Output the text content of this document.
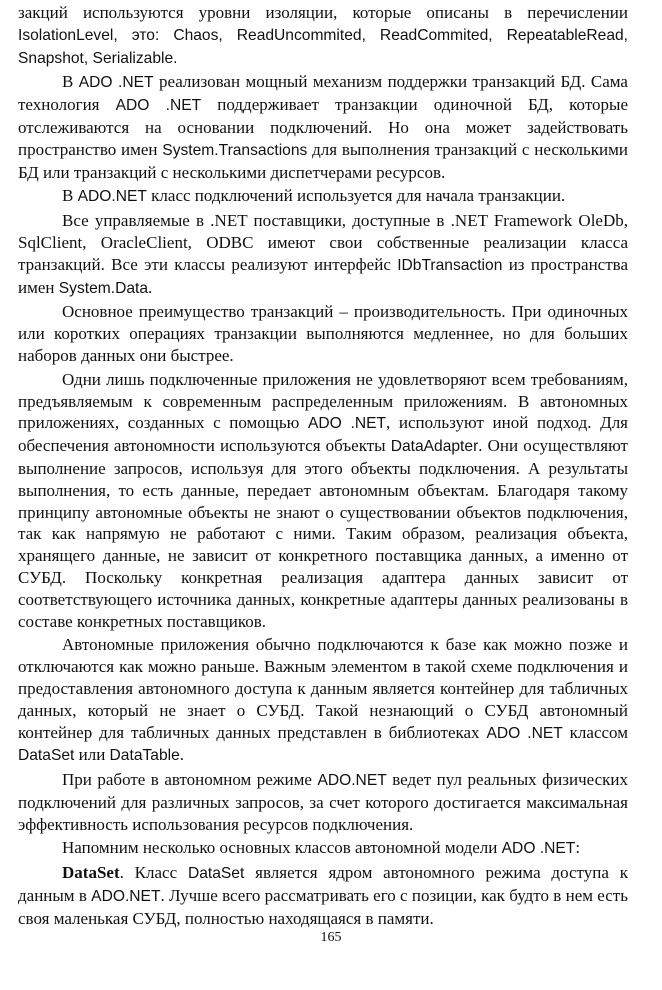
закций используются уровни изоляции, которые описаны в перечислении IsolationLevel, это: Chaos, ReadUncommited, ReadCommited, RepeatableRead, Snapshot, Serializable.

В ADO .NET реализован мощный механизм поддержки транзакций БД. Сама технология ADO .NET поддерживает транзакции одиночной БД, которые отслеживаются на основании подключений. Но она может задействовать пространство имен System.Transactions для выполнения транзакций с несколькими БД или транзакций с несколькими диспетчерами ресурсов.

В ADO.NET класс подключений используется для начала транзакции.

Все управляемые в .NET поставщики, доступные в .NET Framework OleDb, SqlClient, OracleClient, ODBC имеют свои собственные реализации класса транзакций. Все эти классы реализуют интерфейс IDbTransaction из пространства имен System.Data.

Основное преимущество транзакций – производительность. При одиночных или коротких операциях транзакции выполняются медленнее, но для больших наборов данных они быстрее.

Одни лишь подключенные приложения не удовлетворяют всем требованиям, предъявляемым к современным распределенным приложениям. В автономных приложениях, созданных с помощью ADO .NET, используют иной подход. Для обеспечения автономности используются объекты DataAdapter. Они осуществляют выполнение запросов, используя для этого объекты подключения. А результаты выполнения, то есть данные, передает автономным объектам. Благодаря такому принципу автономные объекты не знают о существовании объектов подключения, так как напрямую не работают с ними. Таким образом, реализация объекта, хранящего данные, не зависит от конкретного поставщика данных, а именно от СУБД. Поскольку конкретная реализация адаптера данных зависит от соответствующего источника данных, конкретные адаптеры данных реализованы в составе конкретных поставщиков.

Автономные приложения обычно подключаются к базе как можно позже и отключаются как можно раньше. Важным элементом в такой схеме подключения и предоставления автономного доступа к данным является контейнер для табличных данных, который не знает о СУБД. Такой незнающий о СУБД автономный контейнер для табличных данных представлен в библиотеках ADO .NET классом DataSet или DataTable.

При работе в автономном режиме ADO.NET ведет пул реальных физических подключений для различных запросов, за счет которого достигается максимальная эффективность использования ресурсов подключения.

Напомним несколько основных классов автономной модели ADO .NET:

DataSet. Класс DataSet является ядром автономного режима доступа к данным в ADO.NET. Лучше всего рассматривать его с позиции, как будто в нем есть своя маленькая СУБД, полностью находящаяся в памяти.

165
